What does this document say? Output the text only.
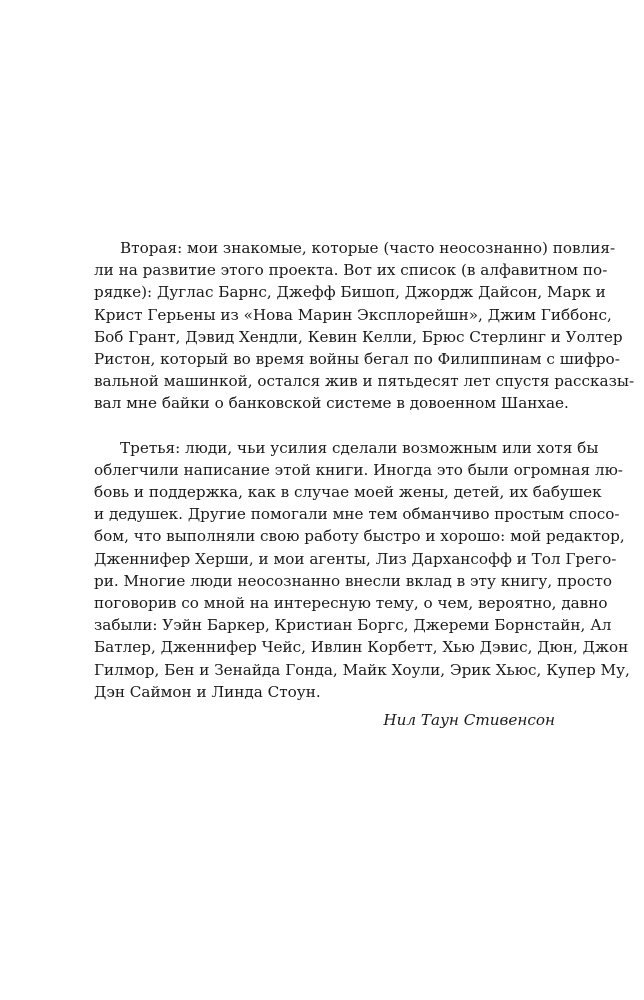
Вторая: мои знакомые, которые (часто неосознанно) повлия-
ли на развитие этого проекта. Вот их список (в алфавитном по-
рядке): Дуглас Барнс, Джефф Бишоп, Джордж Дайсон, Марк и
Крист Герьены из «Нова Марин Эксплорейшн», Джим Гиббонс,
Боб Грант, Дэвид Хендли, Кевин Келли, Брюс Стерлинг и Уолтер
Ристон, который во время войны бегал по Филиппинам с шифро-
вальной машинкой, остался жив и пятьдесят лет спустя рассказы-
вал мне байки о банковской системе в довоенном Шанхае.
Третья: люди, чьи усилия сделали возможным или хотя бы
облегчили написание этой книги. Иногда это были огромная лю-
бовь и поддержка, как в случае моей жены, детей, их бабушек
и дедушек. Другие помогали мне тем обманчиво простым спосо-
бом, что выполняли свою работу быстро и хорошо: мой редактор,
Дженнифер Херши, и мои агенты, Лиз Дархансофф и Тол Грего-
ри. Многие люди неосознанно внесли вклад в эту книгу, просто
поговорив со мной на интересную тему, о чем, вероятно, давно
забыли: Уэйн Баркер, Кристиан Боргс, Джереми Борнстайн, Ал
Батлер, Дженнифер Чейс, Ивлин Корбетт, Хью Дэвис, Дюн, Джон
Гилмор, Бен и Зенайда Гонда, Майк Хоули, Эрик Хьюс, Купер Му,
Дэн Саймон и Линда Стоун.
Нил Таун Стивенсон
